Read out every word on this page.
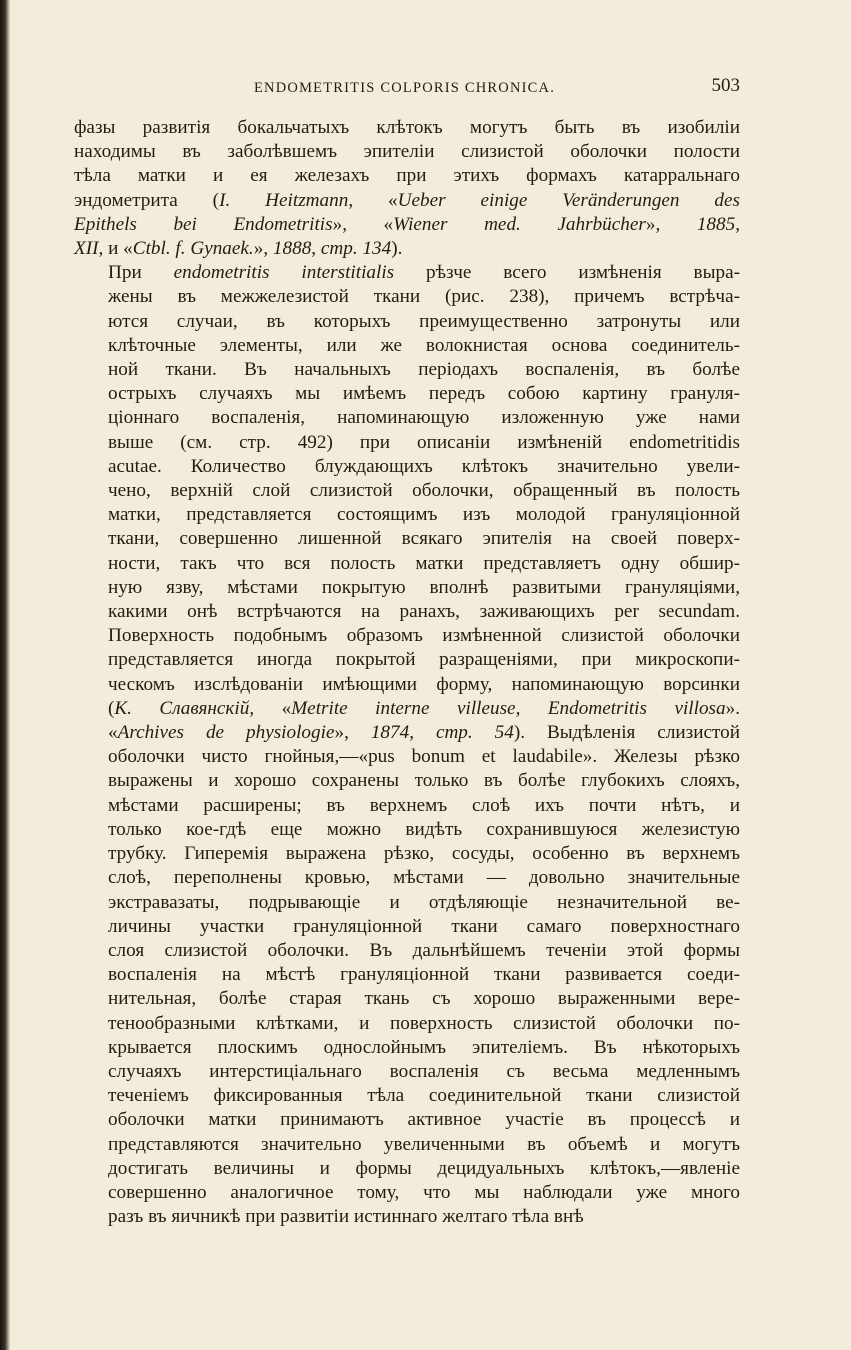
ENDOMETRITIS COLPORIS CHRONICA.	503
фазы развитія бокальчатыхъ клѣтокъ могутъ быть въ изобиліи
находимы въ заболѣвшемъ эпителіи слизистой оболочки полости
тѣла матки и ея железахъ при этихъ формахъ катарральнаго
эндометрита (I. Heitzmann, «Ueber einige Veränderungen des
Epithels bei Endometritis», «Wiener med. Jahrbücher», 1885,
XII, и «Ctbl. f. Gynaek.», 1888, стр. 134).
При endometritis interstitialis рѣзче всего измѣненія выра-
жены въ межжелезистой ткани (рис. 238), причемъ встрѣча-
ются случаи, въ которыхъ преимущественно затронуты или
клѣточные элементы, или же волокнистая основа соединитель-
ной ткани. Въ начальныхъ періодахъ воспаленія, въ болѣе
острыхъ случаяхъ мы имѣемъ передъ собою картину грануля-
ціоннаго воспаленія, напоминающую изложенную уже нами
выше (см. стр. 492) при описаніи измѣненій endometritidis
acutae. Количество блуждающихъ клѣтокъ значительно увели-
чено, верхній слой слизистой оболочки, обращенный въ полость
матки, представляется состоящимъ изъ молодой грануляціонной
ткани, совершенно лишенной всякаго эпителія на своей поверх-
ности, такъ что вся полость матки представляетъ одну обшир-
ную язву, мѣстами покрытую вполнѣ развитыми грануляціями,
какими онѣ встрѣчаются на ранахъ, заживающихъ per secundam.
Поверхность подобнымъ образомъ измѣненной слизистой оболочки
представляется иногда покрытой разращеніями, при микроскопи-
ческомъ изслѣдованіи имѣющими форму, напоминающую ворсинки
(К. Славянскій, «Metrite interne villeuse, Endometritis villosa».
«Archives de physiologie», 1874, стр. 54). Выдѣленія слизистой
оболочки чисто гнойныя,—«pus bonum et laudabile». Железы рѣзко
выражены и хорошо сохранены только въ болѣе глубокихъ слояхъ,
мѣстами расширены; въ верхнемъ слоѣ ихъ почти нѣтъ, и
только кое-гдѣ еще можно видѣть сохранившуюся железистую
трубку. Гиперемія выражена рѣзко, сосуды, особенно въ верхнемъ
слоѣ, переполнены кровью, мѣстами — довольно значительные
экстравазаты, подрывающіе и отдѣляющіе незначительной ве-
личины участки грануляціонной ткани самаго поверхностнаго
слоя слизистой оболочки. Въ дальнѣйшемъ теченіи этой формы
воспаленія на мѣстѣ грануляціонной ткани развивается соеди-
нительная, болѣе старая ткань съ хорошо выраженными вере-
тенообразными клѣтками, и поверхность слизистой оболочки по-
крывается плоскимъ однослойнымъ эпителіемъ. Въ нѣкоторыхъ
случаяхъ интерстиціальнаго воспаленія съ весьма медленнымъ
теченіемъ фиксированныя тѣла соединительной ткани слизистой
оболочки матки принимаютъ активное участіе въ процессѣ и
представляются значительно увеличенными въ объемѣ и могутъ
достигать величины и формы децидуальныхъ клѣтокъ,—явленіе
совершенно аналогичное тому, что мы наблюдали уже много
разъ въ яичникѣ при развитіи истиннаго желтаго тѣла внѣ
